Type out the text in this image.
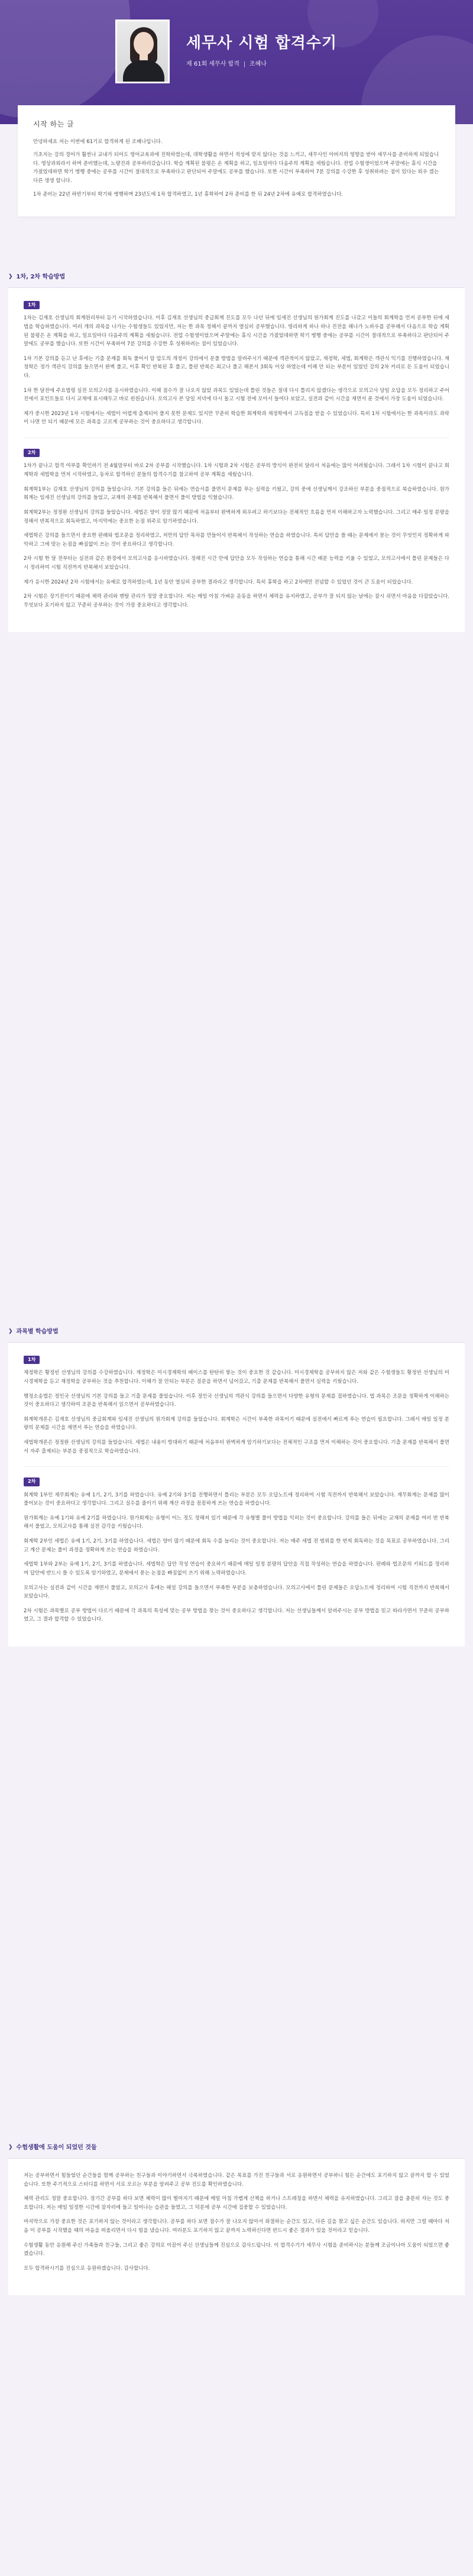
세무사 시험 합격수기
제 61회 세무사 합격 조혜나
시작 하는 글

안녕하세요 저는 이번에 61기로 합격하게 된 조혜나입니다.

기초지는 강의 경어가 훨씬나 교내가 되어도 영어교육과에 진학하였는데, 대학생활을 하면서 적성에 맞지 않다는 것을 느끼고, 세무사인 아버지의 영향을 받아 세무사를 준비하게 되었습니다. 영상과외라서 하며 준비했는데, 노량진과 공부하러갔습니다. 학습 계획된 불평은 온 계획을 하고, 일요일마다 다음주의 계획을 세웠습니다. 전업 수험생이었으며 주말에는 휴식 시간을 가졌었데하면 학기 병행 중에는 공부를 시간이 절대적으로 부족하다고 판단되어 주말에도 공부를 했습니다. 또한 시간이 부족하여 7분 강의를 수강한 후 성취하려는 점이 있다는 외우 겠는 다른 생생 합니다.

1차 준비는 22년 하반기부터 학기와 병행하며 23년도에 1차 합격하였고, 1년 휴학하여 2차 준비를 한 뒤 24년 2차에 유예로 합격하였습니다.

❯ 1차, 2차 학습방법
1차

1차는 김재호 선생님의 회계원리부터 듣기 시작하였습니다. 이후 김재호 선생님의 중급회계 진도를 모두 나던 뒤에 임세진 선생님의 원가회계 진도를 나갔고 이들의 회계학을 먼저 공부한 뒤에 세법을 학습하였습니다. 여러 개의 과목을 나가는 수험생들도 있었지만, 저는 한 과목 정해서 끝까지 열심히 공부했습니다. 영리하게 하나 하나 진전을 해나가 노하우를 공부해서 다음으로 학습 계획된 불평은 온 계획을 하고, 일요일마다 다음주의 계획을 세웠습니다. 전업 수험생이었으며 주말에는 휴식 시간을 가졌었데하면 학기 병행 중에는 공부를 시간이 절대적으로 부족하다고 판단되어 주말에도 공부를 했습니다. 또한 시간이 부족하여 7분 강의를 수강한 후 성취하려는 점이 있었습니다.

1차 기본 강의를 듣고 난 후에는 기출 문제를 회독 풀어서 암 압도의 개정이 강의에서 문풀 방법을 알려주시기 때문에 객관적이지 않았고, 재정학, 세법, 회계학은 객관식 익기를 진행하였습니다. 재정학은 정가 객관식 강의를 들으면서 완벽 풀고, 이후 확인 반복된 후 풀고, 틀린 반복은 최고나 풀고 해본서 3회독 이상 하였는데 이해 안 되는 부분이 있었던 강의 2차 커리로 돈 도움이 되었습니다.

1차 한 달전에 주요법령 실전 모의고사를 응시하였습니다. 이해 점수가 잘 나오지 않았 과목도 있었는데 틀린 것들은 절대 다시 틀리지 않겠다는 생각으로 모의고사 당일 오답을 모두 정리하고 주어진에서 포인트들로 다시 교재에 표시해두고 바로 왼원습니다. 모의고사 본 당일 저녁에 다시 돌고 시험 전에 모아서 들여다 보았고, 실전과 같이 시간을 재면서 푼 것에서 가장 도움이 되었습니다.

제가 중시한 2023년 1차 시험에서는 세법이 어렵게 출제되어 풀지 못한 문제도 있지만 꾸준히 학습한 회계학과 재정학에서 고득점을 받을 수 있었습니다. 특히 1차 시험에서는 한 과목이라도 과락이 나면 안 되기 때문에 모든 과목을 고르게 공부하는 것이 중요하다고 생각합니다.

2차

1차가 끝나고 합격 여부를 확인하기 전 4월말부터 바로 2차 공부를 시작했습니다. 1차 시험과 2차 시험은 공부의 방식이 완전히 달라서 처음에는 많이 어려웠습니다. 그래서 1차 시험이 끝나고 회계학과 세법학을 먼저 시작하였고, 동차로 합격하신 분들의 합격수기를 참고하여 공부 계획을 세웠습니다.

회계학1부는 김재호 선생님의 강의를 들었습니다. 기본 강의를 들은 뒤에는 연습서를 풀면서 문제를 푸는 실력을 키웠고, 강의 중에 선생님께서 강조하신 부분을 중점적으로 복습하였습니다. 원가회계는 임세진 선생님의 강의를 들었고, 교재의 문제를 반복해서 풀면서 풀이 방법을 익혔습니다.

회계학2부는 정정완 선생님의 강의를 들었습니다. 세법은 양이 정말 많기 때문에 처음부터 완벽하게 외우려고 하기보다는 전체적인 흐름을 먼저 이해하고자 노력했습니다. 그리고 매주 일정 분량을 정해서 반복적으로 회독하였고, 마지막에는 중요한 논점 위주로 암기하였습니다.

세법학은 강의를 들으면서 중요한 판례와 법조문을 정리하였고, 저만의 답안 목차를 만들어서 반복해서 작성하는 연습을 하였습니다. 특히 답안을 쓸 때는 문제에서 묻는 것이 무엇인지 정확하게 파악하고 그에 맞는 논점을 빠짐없이 쓰는 것이 중요하다고 생각합니다.

2차 시험 한 달 전부터는 실전과 같은 환경에서 모의고사를 응시하였습니다. 정해진 시간 안에 답안을 모두 작성하는 연습을 통해 시간 배분 능력을 키울 수 있었고, 모의고사에서 틀린 문제들은 다시 정리하여 시험 직전까지 반복해서 보았습니다.

제가 응시한 2024년 2차 시험에서는 유예로 합격하였는데, 1년 동안 열심히 공부한 결과라고 생각합니다. 특히 휴학을 하고 2차에만 전념할 수 있었던 것이 큰 도움이 되었습니다.

2차 시험은 장기전이기 때문에 체력 관리와 멘탈 관리가 정말 중요합니다. 저는 매일 아침 가벼운 운동을 하면서 체력을 유지하였고, 공부가 잘 되지 않는 날에는 잠시 쉬면서 마음을 다잡았습니다. 무엇보다 포기하지 않고 꾸준히 공부하는 것이 가장 중요하다고 생각합니다.

❯ 과목별 학습방법
1차

재정학은 황정빈 선생님의 강의를 수강하였습니다. 재정학은 미시경제학의 베이스를 탄탄히 쌓는 것이 중요한 것 같습니다. 미시경제학을 공부하지 않은 저와 같은 수험생들도 황정빈 선생님의 미시경제학을 듣고 재정학을 공부하는 것을 추천합니다. 이해가 잘 안되는 부분은 질문을 하면서 넘어갔고, 기출 문제를 반복해서 풀면서 실력을 키웠습니다.

행정소송법은 정인국 선생님의 기본 강의를 들고 기출 문제를 풀었습니다. 이후 정인국 선생님의 객관식 강의를 들으면서 다양한 유형의 문제를 접하였습니다. 법 과목은 조문을 정확하게 이해하는 것이 중요하다고 생각하여 조문을 반복해서 읽으면서 공부하였습니다.

회계학개론은 김재호 선생님의 중급회계와 임세진 선생님의 원가회계 강의를 들었습니다. 회계학은 시간이 부족한 과목이기 때문에 실전에서 빠르게 푸는 연습이 필요합니다. 그래서 매일 일정 분량의 문제를 시간을 재면서 푸는 연습을 하였습니다.

세법학개론은 정정완 선생님의 강의를 들었습니다. 세법은 내용이 방대하기 때문에 처음부터 완벽하게 암기하기보다는 전체적인 구조를 먼저 이해하는 것이 중요합니다. 기출 문제를 반복해서 풀면서 자주 출제되는 부분을 중점적으로 학습하였습니다.

2차

회계학 1부인 재무회계는 유예 1기, 2기, 3기를 하였습니다. 유예 2기와 3기를 진행하면서 틀리는 부분은 모두 오답노트에 정리하여 시험 직전까지 반복해서 보았습니다. 재무회계는 문제를 많이 풀어보는 것이 중요하다고 생각합니다. 그리고 실수를 줄이기 위해 계산 과정을 꼼꼼하게 쓰는 연습을 하였습니다.

원가회계는 유예 1기와 유예 2기를 하였습니다. 원가회계는 유형이 어느 정도 정해져 있기 때문에 각 유형별 풀이 방법을 익히는 것이 중요합니다. 강의를 들은 뒤에는 교재의 문제를 여러 번 반복해서 풀었고, 모의고사를 통해 실전 감각을 키웠습니다.

회계학 2부인 세법은 유예 1기, 2기, 3기를 하였습니다. 세법은 양이 많기 때문에 회독 수를 늘리는 것이 중요합니다. 저는 매주 세법 전 범위를 한 번씩 회독하는 것을 목표로 공부하였습니다. 그리고 계산 문제는 풀이 과정을 정확하게 쓰는 연습을 하였습니다.

세법학 1부와 2부는 유예 1기, 2기, 3기를 하였습니다. 세법학은 답안 작성 연습이 중요하기 때문에 매일 일정 분량의 답안을 직접 작성하는 연습을 하였습니다. 판례와 법조문의 키워드를 정리하여 답안에 반드시 쓸 수 있도록 암기하였고, 문제에서 묻는 논점을 빠짐없이 쓰기 위해 노력하였습니다.

모의고사는 실전과 같이 시간을 재면서 풀었고, 모의고사 후에는 해설 강의를 들으면서 부족한 부분을 보충하였습니다. 모의고사에서 틀린 문제들은 오답노트에 정리하여 시험 직전까지 반복해서 보았습니다.

2차 시험은 과목별로 공부 방법이 다르기 때문에 각 과목의 특성에 맞는 공부 방법을 찾는 것이 중요하다고 생각합니다. 저는 선생님들께서 알려주시는 공부 방법을 믿고 따라가면서 꾸준히 공부하였고, 그 결과 합격할 수 있었습니다.

❯ 수험생활에 도움이 되었던 것들

저는 공부하면서 힘들었던 순간들을 함께 공부하는 친구들과 이야기하면서 극복하였습니다. 같은 목표를 가진 친구들과 서로 응원하면서 공부하니 힘든 순간에도 포기하지 않고 끝까지 할 수 있었습니다. 또한 주기적으로 스터디를 하면서 서로 모르는 부분을 알려주고 공부 진도를 확인하였습니다.

체력 관리도 정말 중요합니다. 장기간 공부를 하다 보면 체력이 많이 떨어지기 때문에 매일 아침 가볍게 산책을 하거나 스트레칭을 하면서 체력을 유지하였습니다. 그리고 잠을 충분히 자는 것도 중요합니다. 저는 매일 일정한 시간에 잠자리에 들고 일어나는 습관을 들였고, 그 덕분에 공부 시간에 집중할 수 있었습니다.

마지막으로 가장 중요한 것은 포기하지 않는 것이라고 생각합니다. 공부를 하다 보면 점수가 잘 나오지 않아서 좌절하는 순간도 있고, 다른 길을 찾고 싶은 순간도 있습니다. 하지만 그럴 때마다 처음 이 공부를 시작했을 때의 마음을 떠올리면서 다시 힘을 냈습니다. 여러분도 포기하지 않고 끝까지 노력하신다면 반드시 좋은 결과가 있을 것이라고 믿습니다.

수험생활 동안 응원해 주신 가족들과 친구들, 그리고 좋은 강의로 이끌어 주신 선생님들께 진심으로 감사드립니다. 이 합격수기가 세무사 시험을 준비하시는 분들께 조금이나마 도움이 되었으면 좋겠습니다.

모두 합격하시기를 진심으로 응원하겠습니다. 감사합니다.
